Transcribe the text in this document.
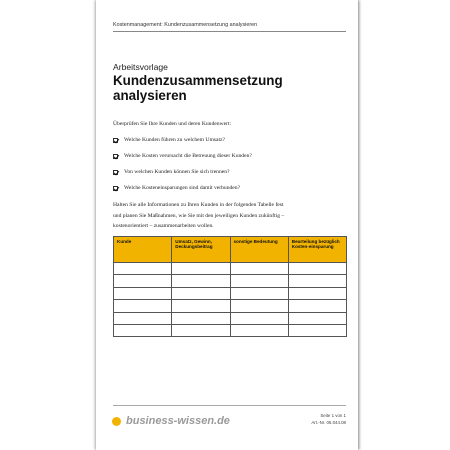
Kostenmanagement: Kundenzusammensetzung analysieren
Arbeitsvorlage
Kundenzusammensetzung
analysieren
Überprüfen Sie Ihre Kunden und deren Kundenwert:
Welche Kunden führen zu welchem Umsatz?
Welche Kosten verursacht die Betreuung dieser Kunden?
Von welchen Kunden können Sie sich trennen?
Welche Kosteneinsparungen sind damit verbunden?
Halten Sie alle Informationen zu Ihren Kunden in der folgenden Tabelle fest
und planen Sie Maßnahmen, wie Sie mit den jeweiligen Kunden zukünftig –
kostenorientiert – zusammenarbeiten wollen.
Kunde	Umsatz, Gewinn, Deckungsbeitrag	sonstige Bedeutung	Beurteilung bezüglich Kosten-einsparung

business-wissen.de	Seite 1 von 1
Art.-Nr. 06.044.08
